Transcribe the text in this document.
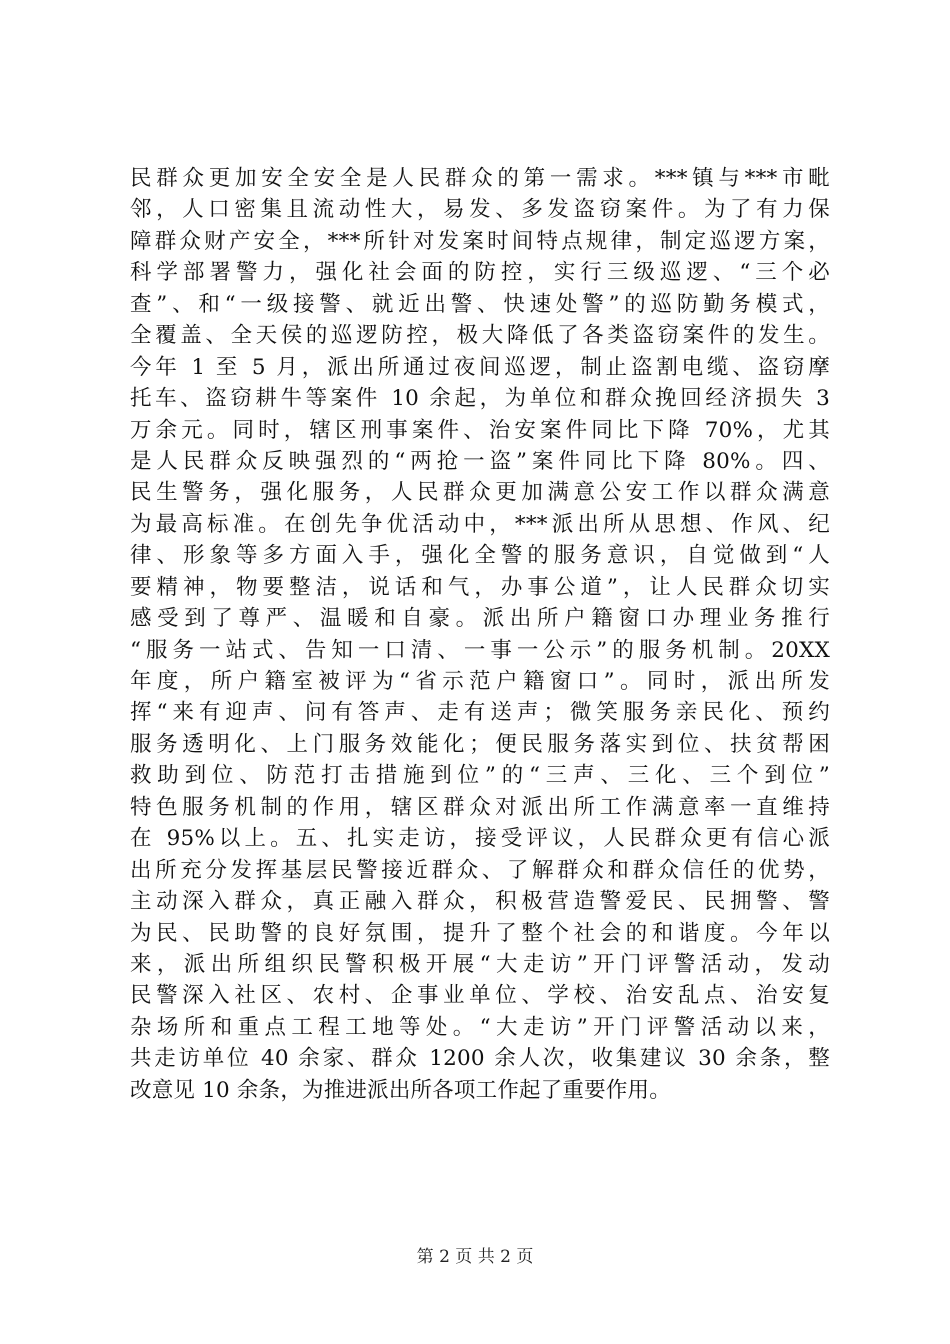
民群众更加安全安全是人民群众的第一需求。***镇与***市毗
邻，人口密集且流动性大，易发、多发盗窃案件。为了有力保
障群众财产安全，***所针对发案时间特点规律，制定巡逻方案，
科学部署警力，强化社会面的防控，实行三级巡逻、“三个必
查”、和“一级接警、就近出警、快速处警”的巡防勤务模式，
全覆盖、全天侯的巡逻防控，极大降低了各类盗窃案件的发生。
今年 1 至 5 月，派出所通过夜间巡逻，制止盗割电缆、盗窃摩
托车、盗窃耕牛等案件 10 余起，为单位和群众挽回经济损失 3
万余元。同时，辖区刑事案件、治安案件同比下降 70%，尤其
是人民群众反映强烈的“两抢一盗”案件同比下降 80%。四、
民生警务，强化服务，人民群众更加满意公安工作以群众满意
为最高标准。在创先争优活动中，***派出所从思想、作风、纪
律、形象等多方面入手，强化全警的服务意识，自觉做到“人
要精神，物要整洁，说话和气，办事公道”，让人民群众切实
感受到了尊严、温暖和自豪。派出所户籍窗口办理业务推行
“服务一站式、告知一口清、一事一公示”的服务机制。20XX
年度，所户籍室被评为“省示范户籍窗口”。同时，派出所发
挥“来有迎声、问有答声、走有送声；微笑服务亲民化、预约
服务透明化、上门服务效能化；便民服务落实到位、扶贫帮困
救助到位、防范打击措施到位”的“三声、三化、三个到位”
特色服务机制的作用，辖区群众对派出所工作满意率一直维持
在 95%以上。五、扎实走访，接受评议，人民群众更有信心派
出所充分发挥基层民警接近群众、了解群众和群众信任的优势，
主动深入群众，真正融入群众，积极营造警爱民、民拥警、警
为民、民助警的良好氛围，提升了整个社会的和谐度。今年以
来，派出所组织民警积极开展“大走访”开门评警活动，发动
民警深入社区、农村、企事业单位、学校、治安乱点、治安复
杂场所和重点工程工地等处。“大走访”开门评警活动以来，
共走访单位 40 余家、群众 1200 余人次，收集建议 30 余条，整
改意见 10 余条，为推进派出所各项工作起了重要作用。
第 2 页 共 2 页
